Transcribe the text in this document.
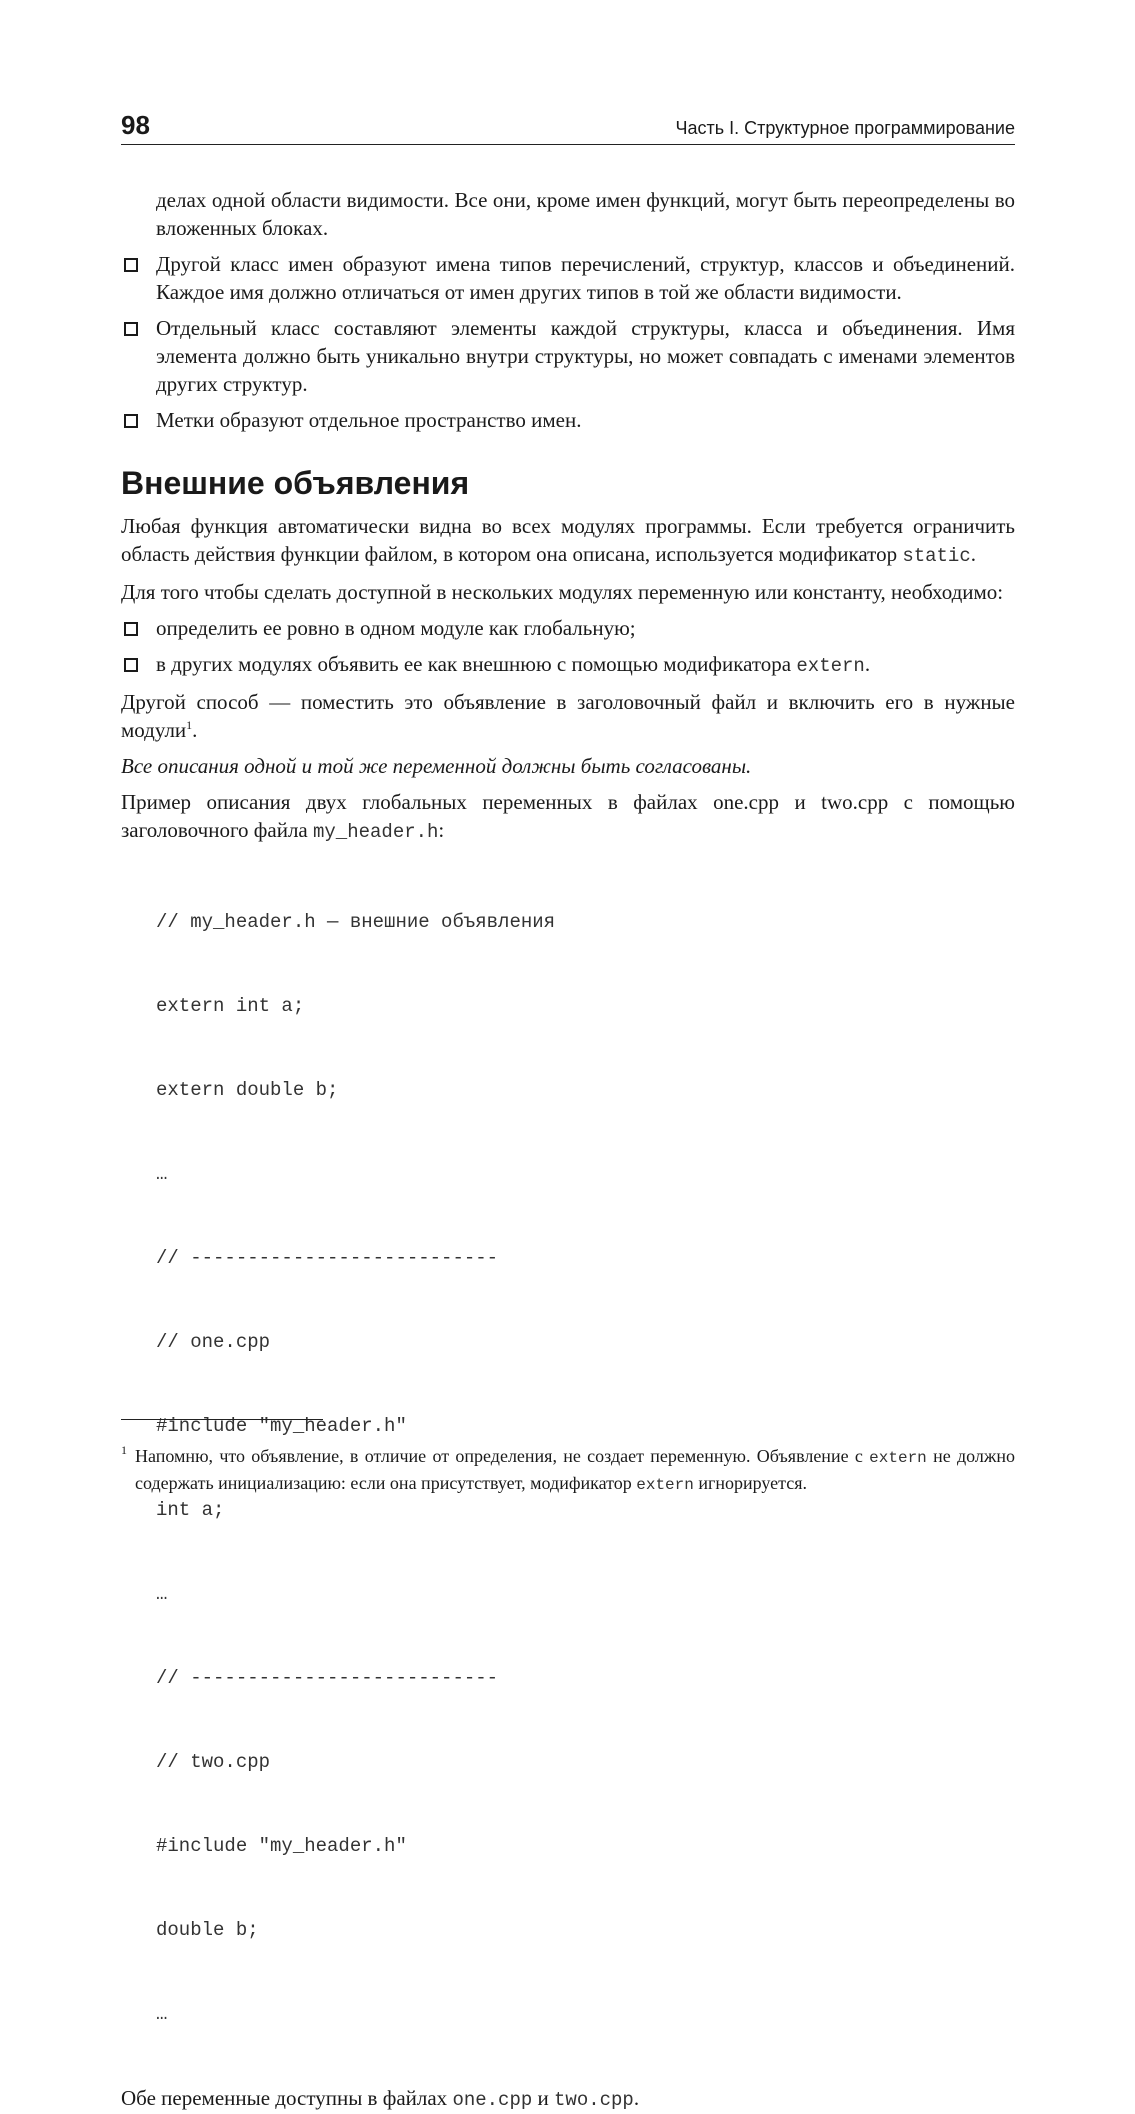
98	Часть I. Структурное программирование

делах одной области видимости. Все они, кроме имен функций, могут быть переопределены во вложенных блоках.

Другой класс имен образуют имена типов перечислений, структур, классов и объединений. Каждое имя должно отличаться от имен других типов в той же области видимости.
Отдельный класс составляют элементы каждой структуры, класса и объединения. Имя элемента должно быть уникально внутри структуры, но может совпадать с именами элементов других структур.
Метки образуют отдельное пространство имен.
Внешние объявления

Любая функция автоматически видна во всех модулях программы. Если требуется ограничить область действия функции файлом, в котором она описана, используется модификатор static.

Для того чтобы сделать доступной в нескольких модулях переменную или константу, необходимо:

определить ее ровно в одном модуле как глобальную;
в других модулях объявить ее как внешнюю с помощью модификатора extern.

Другой способ — поместить это объявление в заголовочный файл и включить его в нужные модули$^1$.

Все описания одной и той же переменной должны быть согласованы.

Пример описания двух глобальных переменных в файлах one.cpp и two.cpp с помощью заголовочного файла my_header.h:

// my_header.h — внешние объявления

extern int a;

extern double b;

…

// ---------------------------

// one.cpp

#include "my_header.h"

int a;

…

// ---------------------------

// two.cpp

#include "my_header.h"

double b;

…

Обе переменные доступны в файлах one.cpp и two.cpp.

1 Напомню, что объявление, в отличие от определения, не создает переменную. Объявление с extern не должно содержать инициализацию: если она присутствует, модификатор extern игнорируется.
